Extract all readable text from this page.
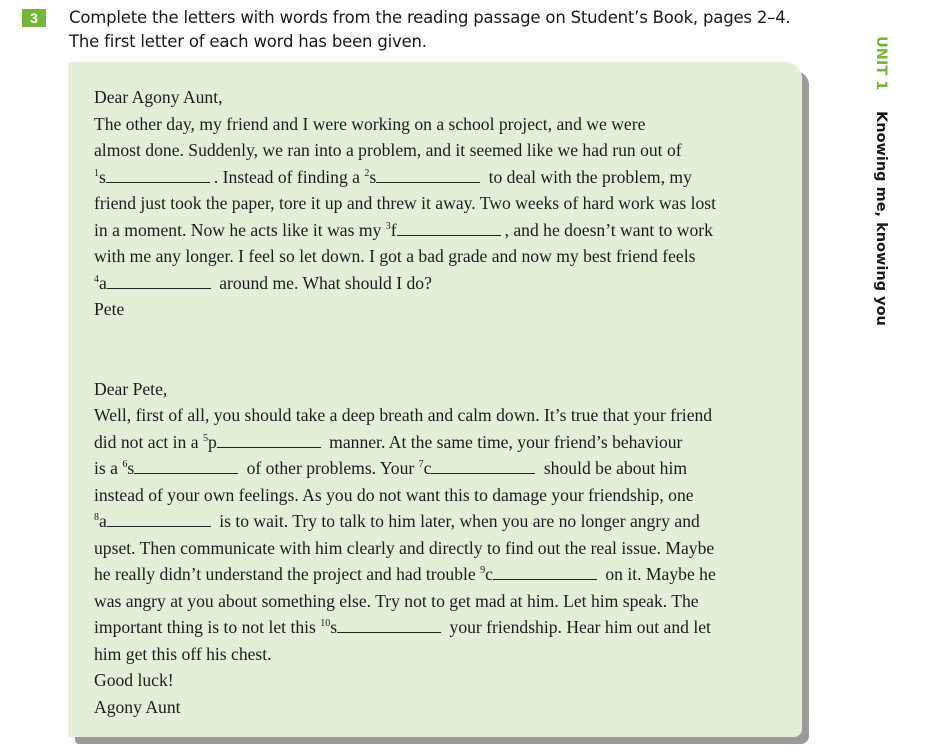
3	Complete the letters with words from the reading passage on Student’s Book, pages 2–4.
The first letter of each word has been given.
Dear Agony Aunt,
The other day, my friend and I were working on a school project, and we were
almost done. Suddenly, we ran into a problem, and it seemed like we had run out of
$^1$s	. Instead of finding a $^2$s	to deal with the problem, my
friend just took the paper, tore it up and threw it away. Two weeks of hard work was lost
in a moment. Now he acts like it was my $^3$f	, and he doesn’t want to work
with me any longer. I feel so let down. I got a bad grade and now my best friend feels
$^4$a	around me. What should I do?
Pete
Dear Pete,
Well, first of all, you should take a deep breath and calm down. It’s true that your friend
did not act in a $^5$p	manner. At the same time, your friend’s behaviour
is a $^6$s	of other problems. Your $^7$c	should be about him
instead of your own feelings. As you do not want this to damage your friendship, one
$^8$a	is to wait. Try to talk to him later, when you are no longer angry and
upset. Then communicate with him clearly and directly to find out the real issue. Maybe
he really didn’t understand the project and had trouble $^9$c	on it. Maybe he
was angry at you about something else. Try not to get mad at him. Let him speak. The
important thing is to not let this $^{10}$s	your friendship. Hear him out and let
him get this off his chest.
Good luck!
Agony Aunt
UNIT 1 Knowing me, knowing you
